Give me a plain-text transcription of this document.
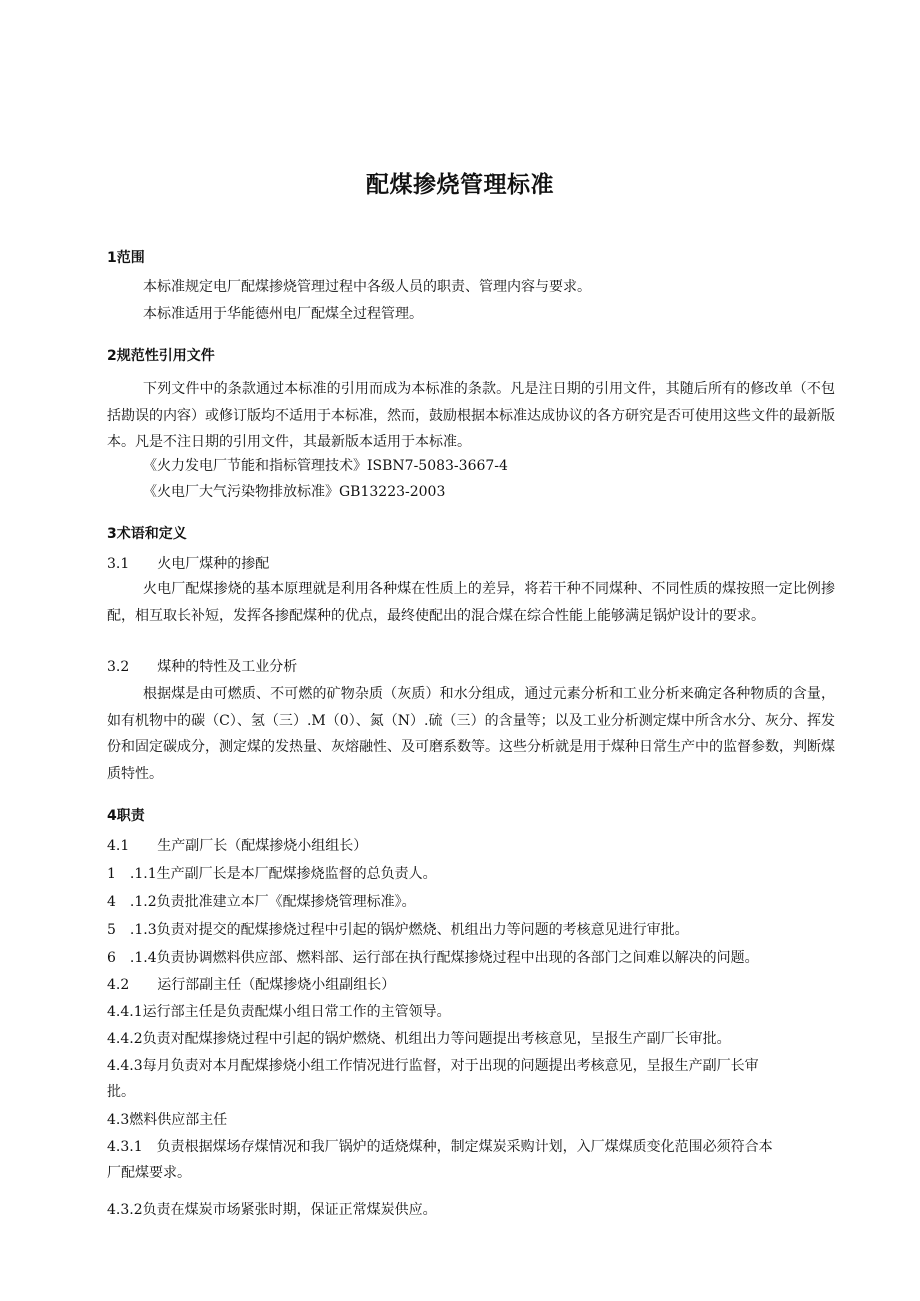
配煤掺烧管理标准
1范围
本标准规定电厂配煤掺烧管理过程中各级人员的职责、管理内容与要求。
本标准适用于华能德州电厂配煤全过程管理。
2规范性引用文件
下列文件中的条款通过本标准的引用而成为本标准的条款。凡是注日期的引用文件，其随后所有的修改单（不包括勘误的内容）或修订版均不适用于本标准，然而，鼓励根据本标准达成协议的各方研究是否可使用这些文件的最新版本。凡是不注日期的引用文件，其最新版本适用于本标准。
《火力发电厂节能和指标管理技术》ISBN7-5083-3667-4
《火电厂大气污染物排放标准》GB13223-2003
3术语和定义
3.1　　火电厂煤种的掺配
火电厂配煤掺烧的基本原理就是利用各种煤在性质上的差异，将若干种不同煤种、不同性质的煤按照一定比例掺配，相互取长补短，发挥各掺配煤种的优点，最终使配出的混合煤在综合性能上能够满足锅炉设计的要求。
3.2　　煤种的特性及工业分析
根据煤是由可燃质、不可燃的矿物杂质（灰质）和水分组成，通过元素分析和工业分析来确定各种物质的含量，如有机物中的碳（C）、氢（三）.M（0）、氮（N）.硫（三）的含量等；以及工业分析测定煤中所含水分、灰分、挥发份和固定碳成分，测定煤的发热量、灰熔融性、及可磨系数等。这些分析就是用于煤种日常生产中的监督参数，判断煤质特性。
4职责
4.1　　生产副厂长（配煤掺烧小组组长）
1　.1.1生产副厂长是本厂配煤掺烧监督的总负责人。
4　.1.2负责批准建立本厂《配煤掺烧管理标准》。
5　.1.3负责对提交的配煤掺烧过程中引起的锅炉燃烧、机组出力等问题的考核意见进行审批。
6　.1.4负责协调燃料供应部、燃料部、运行部在执行配煤掺烧过程中出现的各部门之间难以解决的问题。
4.2　　运行部副主任（配煤掺烧小组副组长）
4.4.1运行部主任是负责配煤小组日常工作的主管领导。
4.4.2负责对配煤掺烧过程中引起的锅炉燃烧、机组出力等问题提出考核意见，呈报生产副厂长审批。
4.4.3每月负责对本月配煤掺烧小组工作情况进行监督，对于出现的问题提出考核意见，呈报生产副厂长审
批。
4.3燃料供应部主任
4.3.1　负责根据煤场存煤情况和我厂锅炉的适烧煤种，制定煤炭采购计划，入厂煤煤质变化范围必须符合本
厂配煤要求。
4.3.2负责在煤炭市场紧张时期，保证正常煤炭供应。
